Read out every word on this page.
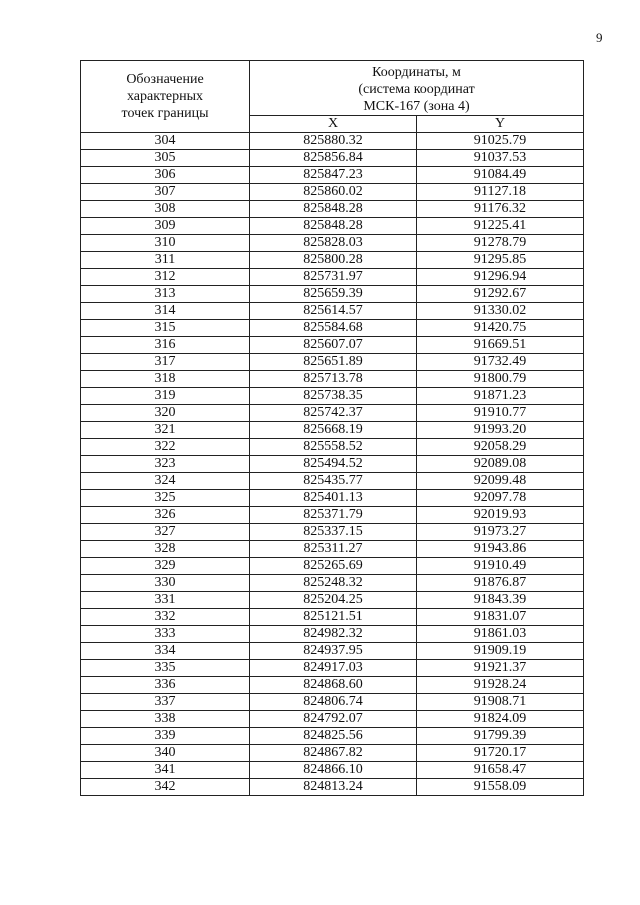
9
Обозначение
характерных
точек границы	Координаты, м
(система координат
МСК-167 (зона 4)	
	X	Y
304	825880.32	91025.79
305	825856.84	91037.53
306	825847.23	91084.49
307	825860.02	91127.18
308	825848.28	91176.32
309	825848.28	91225.41
310	825828.03	91278.79
311	825800.28	91295.85
312	825731.97	91296.94
313	825659.39	91292.67
314	825614.57	91330.02
315	825584.68	91420.75
316	825607.07	91669.51
317	825651.89	91732.49
318	825713.78	91800.79
319	825738.35	91871.23
320	825742.37	91910.77
321	825668.19	91993.20
322	825558.52	92058.29
323	825494.52	92089.08
324	825435.77	92099.48
325	825401.13	92097.78
326	825371.79	92019.93
327	825337.15	91973.27
328	825311.27	91943.86
329	825265.69	91910.49
330	825248.32	91876.87
331	825204.25	91843.39
332	825121.51	91831.07
333	824982.32	91861.03
334	824937.95	91909.19
335	824917.03	91921.37
336	824868.60	91928.24
337	824806.74	91908.71
338	824792.07	91824.09
339	824825.56	91799.39
340	824867.82	91720.17
341	824866.10	91658.47
342	824813.24	91558.09
